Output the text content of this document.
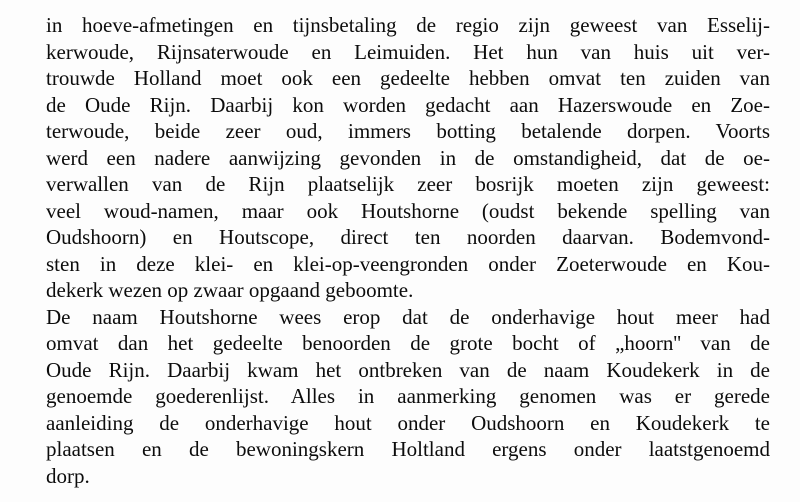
in hoeve-afmetingen en tijnsbetaling de regio zijn geweest van Esselij-
kerwoude, Rijnsaterwoude en Leimuiden. Het hun van huis uit ver-
trouwde Holland moet ook een gedeelte hebben omvat ten zuiden van
de Oude Rijn. Daarbij kon worden gedacht aan Hazerswoude en Zoe-
terwoude, beide zeer oud, immers botting betalende dorpen. Voorts
werd een nadere aanwijzing gevonden in de omstandigheid, dat de oe-
verwallen van de Rijn plaatselijk zeer bosrijk moeten zijn geweest:
veel woud-namen, maar ook Houtshorne (oudst bekende spelling van
Oudshoorn) en Houtscope, direct ten noorden daarvan. Bodemvond-
sten in deze klei- en klei-op-veengronden onder Zoeterwoude en Kou-
dekerk wezen op zwaar opgaand geboomte.
De naam Houtshorne wees erop dat de onderhavige hout meer had
omvat dan het gedeelte benoorden de grote bocht of „hoorn'' van de
Oude Rijn. Daarbij kwam het ontbreken van de naam Koudekerk in de
genoemde goederenlijst. Alles in aanmerking genomen was er gerede
aanleiding de onderhavige hout onder Oudshoorn en Koudekerk te
plaatsen en de bewoningskern Holtland ergens onder laatstgenoemd
dorp.
